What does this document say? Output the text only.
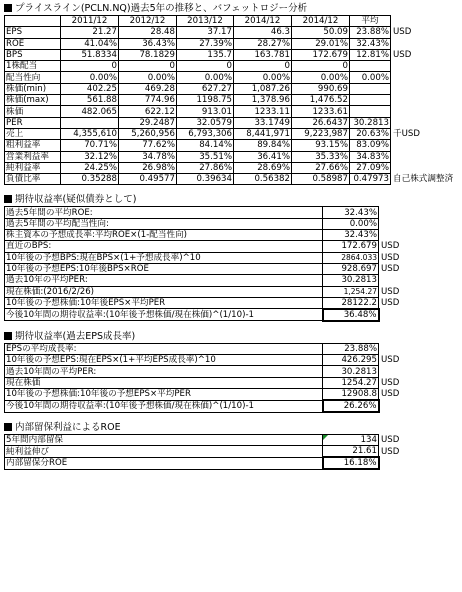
プライスライン(PCLN.NQ)過去5年の推移と、バフェットロジー分析
	2011/12	2012/12	2013/12	2014/12	2014/12	平均	
EPS	21.27	28.48	37.17	46.3	50.09	23.88%	USD
ROE	41.04%	36.43%	27.39%	28.27%	29.01%	32.43%	
BPS	51.8334	78.1829	135.7	163.781	172.679	12.81%	USD
1株配当	0	0	0	0	0		
配当性向	0.00%	0.00%	0.00%	0.00%	0.00%	0.00%	
株価(min)	402.25	469.28	627.27	1,087.26	990.69		
株価(max)	561.88	774.96	1198.75	1,378.96	1,476.52		
株価	482.065	622.12	913.01	1233.11	1233.61		
PER		29.2487	32.0579	33.1749	26.6437	30.2813	
売上	4,355,610	5,260,956	6,793,306	8,441,971	9,223,987	20.63%	千USD
粗利益率	70.71%	77.62%	84.14%	89.84%	93.15%	83.09%	
営業利益率	32.12%	34.78%	35.51%	36.41%	35.33%	34.83%	
純利益率	24.25%	26.98%	27.86%	28.69%	27.66%	27.09%	
負債比率	0.35288	0.49577	0.39634	0.56382	0.58987	0.47973	自己株式調整済
期待収益率(疑似債券として)
過去5年間の平均ROE:	32.43%	
過去5年間の平均配当性向:	0.00%	
株主資本の予想成長率:平均ROE×(1-配当性向)	32.43%	
直近のBPS:	172.679	USD
10年後の予想BPS:現在BPS×(1+予想成長率)^10	2864.033	USD
10年後の予想EPS:10年後BPS×ROE	928.697	USD
過去10年の平均PER:	30.2813	
現在株価:(2016/2/26)	1,254.27	USD
10年後の予想株価:10年後EPS×平均PER	28122.2	USD
今後10年間の期待収益率:(10年後予想株価/現在株価)^(1/10)-1	36.48%	
期待収益率(過去EPS成長率)
EPSの平均成長率:	23.88%	
10年後の予想EPS:現在EPS×(1+平均EPS成長率)^10	426.295	USD
過去10年間の平均PER:	30.2813	
現在株価	1254.27	USD
10年後の予想株価:10年後の予想EPS×平均PER	12908.8	USD
今後10年間の期待収益率:(10年後予想株価/現在株価)^(1/10)-1	26.26%	
内部留保利益によるROE
5年間内部留保	134	USD
純利益伸び	21.61	USD
内部留保分ROE	16.18%	
